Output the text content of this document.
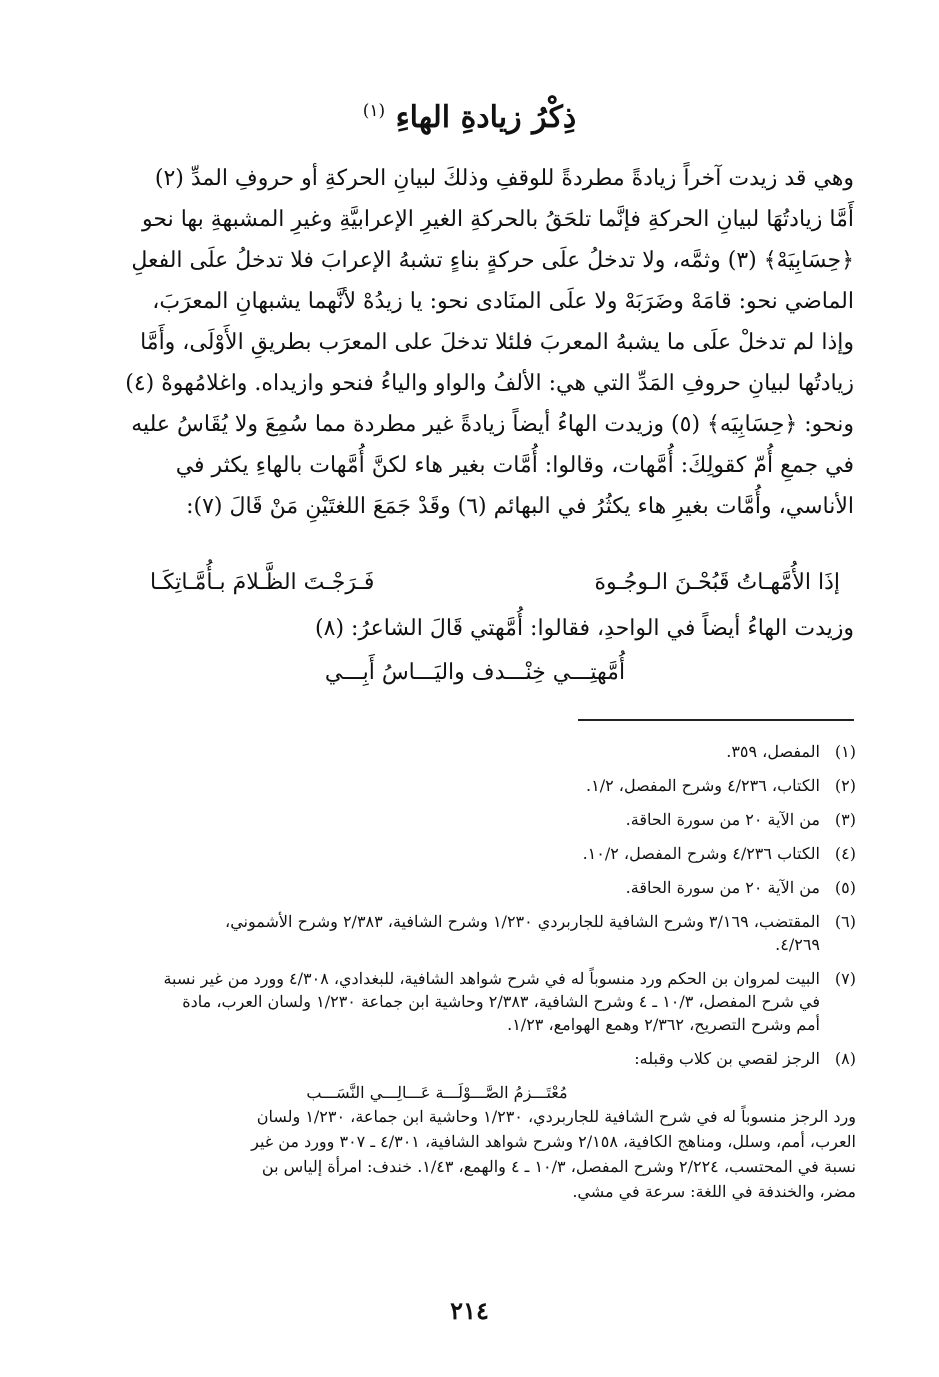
ذِكْرُ زيادةِ الهاءِ $^{(١)}$

وهي قد زيدت آخراً زيادةً مطردةً للوقفِ وذلكَ لبيانِ الحركةِ أو حروفِ المدِّ (٢)

أَمَّا زيادتُهَا لبيانِ الحركةِ فإنَّما تلحَقُ بالحركةِ الغيرِ الإعرابيَّةِ وغيرِ المشبهةِ بها نحو

﴿حِسَابِيَهْ﴾ (٣) وثمَّه، ولا تدخلُ علَى حركةٍ بناءٍ تشبهُ الإعرابَ فلا تدخلُ علَى الفعلِ

الماضي نحو: قامَهْ وضَرَبَهْ ولا علَى المنَادى نحو: يا زيدُهْ لأنَّهما يشبهانِ المعرَبَ،

وإذا لم تدخلْ علَى ما يشبهُ المعربَ فلئلا تدخلَ على المعرَب بطريقِ الأَوْلَى، وأَمَّا

زيادتُها لبيانِ حروفِ المَدِّ التي هي: الألفُ والواو والياءُ فنحو وازيداه. واغلامُهوهْ (٤)

ونحو: ﴿حِسَابِيَه﴾ (٥) وزيدت الهاءُ أيضاً زيادةً غير مطردة مما سُمِعَ ولا يُقَاسُ عليه

في جمعِ أُمّ كقولِكَ: أُمَّهات، وقالوا: أُمَّات بغير هاء لكنَّ أُمَّهات بالهاءِ يكثر في

الأناسي، وأُمَّات بغيرِ هاء يكثُرُ في البهائم (٦) وقَدْ جَمَعَ اللغتَيْنِ مَنْ قَالَ (٧):

إذَا الأُمَّهـاتُ قَبُحْـنَ الـوجُـوهَ
فَـرَجْـتَ الظَّـلامَ بـأُمَّـاتِكَـا
وزيدت الهاءُ أيضاً في الواحدِ، فقالوا: أُمَّهتي قَالَ الشاعرُ: (٨)
أُمَّهتِـــي خِنْـــدف واليَـــاسُ أَبِـــي
(١)
المفصل، ٣٥٩.
(٢)
الكتاب، ٤/٢٣٦ وشرح المفصل، ١/٢.
(٣)
من الآية ٢٠ من سورة الحاقة.
(٤)
الكتاب ٤/٢٣٦ وشرح المفصل، ١٠/٢.
(٥)
من الآية ٢٠ من سورة الحاقة.
(٦)
المقتضب، ٣/١٦٩ وشرح الشافية للجاربردي ١/٢٣٠ وشرح الشافية، ٢/٣٨٣ وشرح الأشموني،
٤/٢٦٩.
(٧)
البيت لمروان بن الحكم ورد منسوباً له في شرح شواهد الشافية، للبغدادي، ٤/٣٠٨ وورد من غير نسبة
في شرح المفصل، ١٠/٣ ـ ٤ وشرح الشافية، ٢/٣٨٣ وحاشية ابن جماعة ١/٢٣٠ ولسان العرب، مادة
أمم وشرح التصريح، ٢/٣٦٢ وهمع الهوامع، ١/٢٣.
(٨)
الرجز لقصي بن كلاب وقبله:
مُعْتَـــزمُ الصَّـــوْلَـــة عَـــالِـــي النَّسَـــب
ورد الرجز منسوباً له في شرح الشافية للجاربردي، ١/٢٣٠ وحاشية ابن جماعة، ١/٢٣٠ ولسان
العرب، أمم، وسلل، ومناهج الكافية، ٢/١٥٨ وشرح شواهد الشافية، ٤/٣٠١ ـ ٣٠٧ وورد من غير
نسبة في المحتسب، ٢/٢٢٤ وشرح المفصل، ١٠/٣ ـ ٤ والهمع، ١/٤٣. خندف: امرأة إلياس بن
مضر، والخندفة في اللغة: سرعة في مشي.
٢١٤
